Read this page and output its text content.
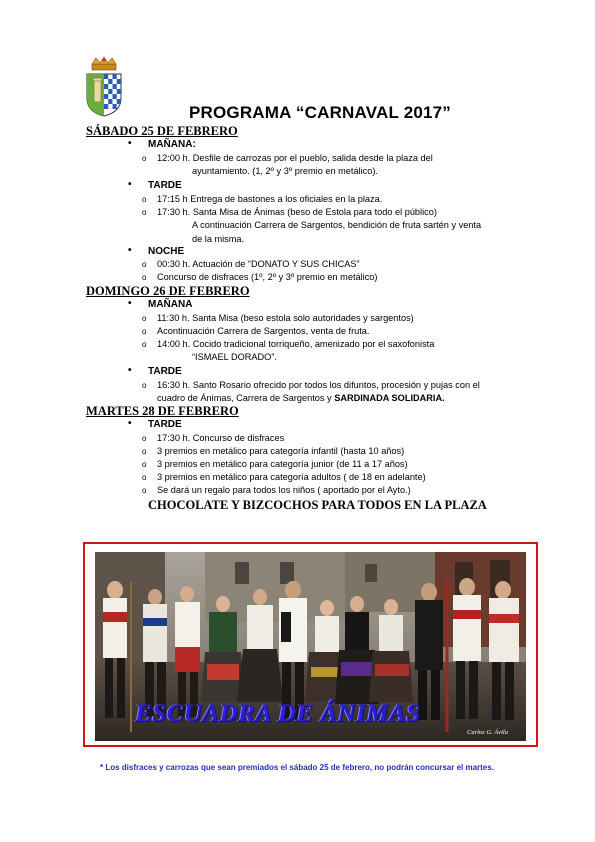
PROGRAMA “CARNAVAL 2017”
SÁBADO 25 DE FEBRERO
• MAÑANA:
o 12:00 h. Desfile de carrozas por el pueblo, salida desde la plaza del
ayuntamiento. (1, 2º y 3º premio en metálico).
• TARDE
o 17:15 h Entrega de bastones a los oficiales en la plaza.
o 17:30 h. Santa Misa de Ánimas (beso de Estola para todo el público)
A continuación Carrera de Sargentos, bendición de fruta sartén y venta
de la misma.
• NOCHE
o 00:30 h. Actuación de “DONATO Y SUS CHICAS”
o Concurso de disfraces (1º, 2º y 3º premio en metálico)
DOMINGO 26 DE FEBRERO
• MAÑANA
o 11:30 h. Santa Misa (beso estola solo autoridades y sargentos)
o Acontinuación Carrera de Sargentos, venta de fruta.
o 14:00 h. Cocido tradicional torriqueño, amenizado por el saxofonista
“ISMAEL DORADO”.
• TARDE
o 16:30 h. Santo Rosario ofrecido por todos los difuntos, procesión y pujas con el
cuadro de Ánimas, Carrera de Sargentos y SARDINADA SOLIDARIA.
MARTES 28 DE FEBRERO
• TARDE
o 17:30 h. Concurso de disfraces
o 3 premios en metálico para categoría infantil (hasta 10 años)
o 3 premios en metálico para categoría junior (de 11 a 17 años)
o 3 premios en metálico para categoría adultos ( de 18 en adelante)
o Se dará un regalo para todos los niños ( aportado por el Ayto.)
CHOCOLATE Y BIZCOCHOS PARA TODOS EN LA PLAZA
ESCUADRA DE ÁNIMAS
Carlos G. Ávila
* Los disfraces y carrozas que sean premiados el sábado 25 de febrero, no podrán concursar el martes.
